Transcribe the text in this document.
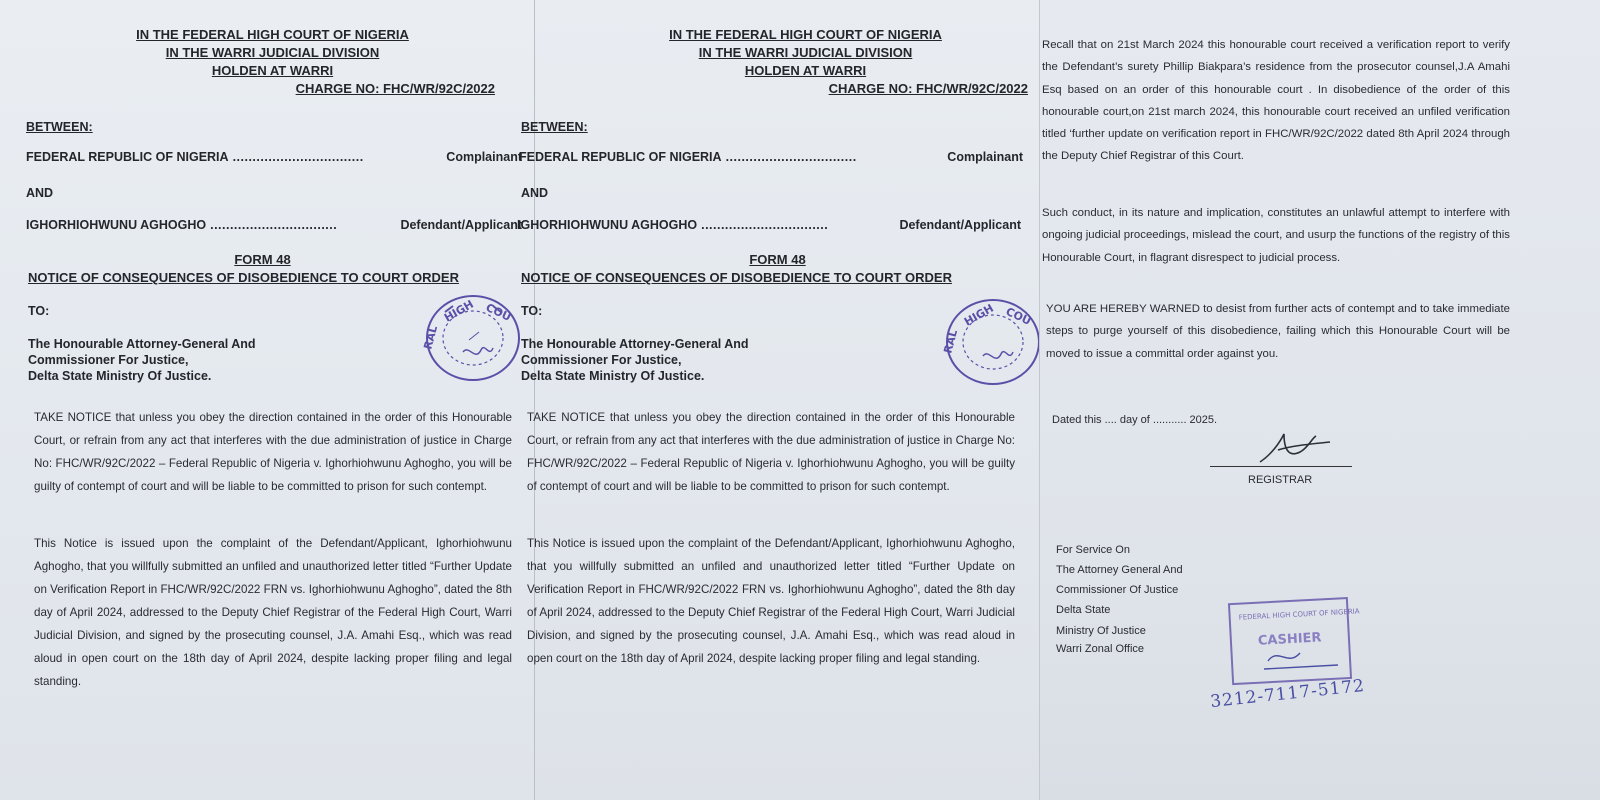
IN THE FEDERAL HIGH COURT OF NIGERIA
IN THE WARRI JUDICIAL DIVISION
HOLDEN AT WARRI
CHARGE NO: FHC/WR/92C/2022
BETWEEN:
FEDERAL REPUBLIC OF NIGERIA .................................	Complainant
AND
IGHORHIOHWUNU AGHOGHO ................................	Defendant/Applicant
FORM 48
NOTICE OF CONSEQUENCES OF DISOBEDIENCE TO COURT ORDER
TO:
The Honourable Attorney-General And
Commissioner For Justice,
Delta State Ministry Of Justice.
HIGH COU
RAL
TAKE NOTICE that unless you obey the direction contained in the order of this Honourable Court, or refrain from any act that interferes with the due administration of justice in Charge No: FHC/WR/92C/2022 – Federal Republic of Nigeria v. Ighorhiohwunu Aghogho, you will be guilty of contempt of court and will be liable to be committed to prison for such contempt.
This Notice is issued upon the complaint of the Defendant/Applicant, Ighorhiohwunu Aghogho, that you willfully submitted an unfiled and unauthorized letter titled “Further Update on Verification Report in FHC/WR/92C/2022 FRN vs. Ighorhiohwunu Aghogho”, dated the 8th day of April 2024, addressed to the Deputy Chief Registrar of the Federal High Court, Warri Judicial Division, and signed by the prosecuting counsel, J.A. Amahi Esq., which was read aloud in open court on the 18th day of April 2024, despite lacking proper filing and legal standing.
IN THE FEDERAL HIGH COURT OF NIGERIA
IN THE WARRI JUDICIAL DIVISION
HOLDEN AT WARRI
CHARGE NO: FHC/WR/92C/2022
BETWEEN:
FEDERAL REPUBLIC OF NIGERIA .................................	Complainant
AND
IGHORHIOHWUNU AGHOGHO ................................	Defendant/Applicant
FORM 48
NOTICE OF CONSEQUENCES OF DISOBEDIENCE TO COURT ORDER
TO:
The Honourable Attorney-General And
Commissioner For Justice,
Delta State Ministry Of Justice.
HIGH COU
RAL
TAKE NOTICE that unless you obey the direction contained in the order of this Honourable Court, or refrain from any act that interferes with the due administration of justice in Charge No: FHC/WR/92C/2022 – Federal Republic of Nigeria v. Ighorhiohwunu Aghogho, you will be guilty of contempt of court and will be liable to be committed to prison for such contempt.
This Notice is issued upon the complaint of the Defendant/Applicant, Ighorhiohwunu Aghogho, that you willfully submitted an unfiled and unauthorized letter titled “Further Update on Verification Report in FHC/WR/92C/2022 FRN vs. Ighorhiohwunu Aghogho”, dated the 8th day of April 2024, addressed to the Deputy Chief Registrar of the Federal High Court, Warri Judicial Division, and signed by the prosecuting counsel, J.A. Amahi Esq., which was read aloud in open court on the 18th day of April 2024, despite lacking proper filing and legal standing.
Recall that on 21st March 2024 this honourable court received a verification report to verify the Defendant’s surety Phillip Biakpara’s residence from the prosecutor counsel,J.A Amahi Esq based on an order of this honourable court . In disobedience of the order of this honourable court,on 21st march 2024, this honourable court received an unfiled verification titled ‘further update on verification report in FHC/WR/92C/2022 dated 8th April 2024 through the Deputy Chief Registrar of this Court.
Such conduct, in its nature and implication, constitutes an unlawful attempt to interfere with ongoing judicial proceedings, mislead the court, and usurp the functions of the registry of this Honourable Court, in flagrant disrespect to judicial process.
YOU ARE HEREBY WARNED to desist from further acts of contempt and to take immediate steps to purge yourself of this disobedience, failing which this Honourable Court will be moved to issue a committal order against you.
Dated this .... day of ........... 2025.
REGISTRAR
For Service On
The Attorney General And
Commissioner Of Justice
Delta State
Ministry Of Justice
Warri Zonal Office
FEDERAL HIGH COURT OF NIGERIA
CASHIER
3212-7117-5172
